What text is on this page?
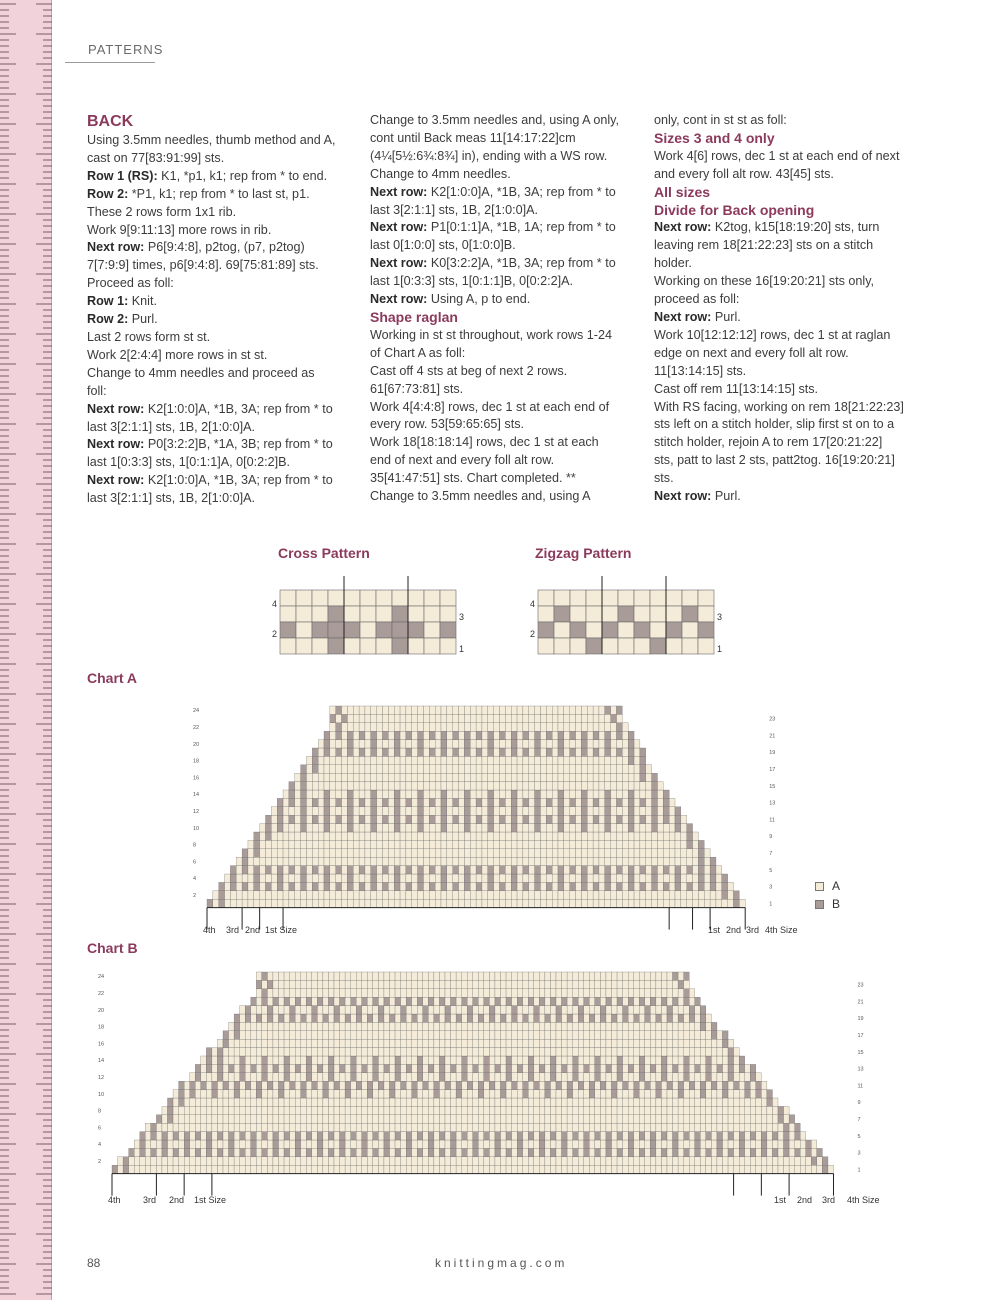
PATTERNS

BACK

Using 3.5mm needles, thumb method and A, cast on 77[83:91:99] sts.

Row 1 (RS): K1, *p1, k1; rep from * to end.

Row 2: *P1, k1; rep from * to last st, p1.

These 2 rows form 1x1 rib.

Work 9[9:11:13] more rows in rib.

Next row: P6[9:4:8], p2tog, (p7, p2tog) 7[7:9:9] times, p6[9:4:8]. 69[75:81:89] sts.

Proceed as foll:

Row 1: Knit.

Row 2: Purl.

Last 2 rows form st st.

Work 2[2:4:4] more rows in st st.

Change to 4mm needles and proceed as foll:

Next row: K2[1:0:0]A, *1B, 3A; rep from * to last 3[2:1:1] sts, 1B, 2[1:0:0]A.

Next row: P0[3:2:2]B, *1A, 3B; rep from * to last 1[0:3:3] sts, 1[0:1:1]A, 0[0:2:2]B.

Next row: K2[1:0:0]A, *1B, 3A; rep from * to last 3[2:1:1] sts, 1B, 2[1:0:0]A.

Change to 3.5mm needles and, using A only, cont until Back meas 11[14:17:22]cm (4¼[5½:6¾:8¾] in), ending with a WS row.

Change to 4mm needles.

Next row: K2[1:0:0]A, *1B, 3A; rep from * to last 3[2:1:1] sts, 1B, 2[1:0:0]A.

Next row: P1[0:1:1]A, *1B, 1A; rep from * to last 0[1:0:0] sts, 0[1:0:0]B.

Next row: K0[3:2:2]A, *1B, 3A; rep from * to last 1[0:3:3] sts, 1[0:1:1]B, 0[0:2:2]A.

Next row: Using A, p to end.

Shape raglan

Working in st st throughout, work rows 1-24 of Chart A as foll:

Cast off 4 sts at beg of next 2 rows. 61[67:73:81] sts.

Work 4[4:4:8] rows, dec 1 st at each end of every row. 53[59:65:65] sts.

Work 18[18:18:14] rows, dec 1 st at each end of next and every foll alt row. 35[41:47:51] sts. Chart completed. **

Change to 3.5mm needles and, using A

only, cont in st st as foll:

Sizes 3 and 4 only

Work 4[6] rows, dec 1 st at each end of next and every foll alt row. 43[45] sts.

All sizes

Divide for Back opening

Next row: K2tog, k15[18:19:20] sts, turn leaving rem 18[21:22:23] sts on a stitch holder.

Working on these 16[19:20:21] sts only, proceed as foll:

Next row: Purl.

Work 10[12:12:12] rows, dec 1 st at raglan edge on next and every foll alt row. 11[13:14:15] sts.

Cast off rem 11[13:14:15] sts.

With RS facing, working on rem 18[21:22:23] sts left on a stitch holder, slip first st on to a stitch holder, rejoin A to rem 17[20:21:22] sts, patt to last 2 sts, patt2tog. 16[19:20:21] sts.

Next row: Purl.

Cross Pattern	Zigzag Pattern
4
2
3
1
4
2
3
1
Chart A
4th 3rd 2nd 1st Size	1st 2nd 3rd 4th Size
1
2
3
4
5
6
7
8
9
10
11
12
13
14
15
16
17
18
19
20
21
22
23
24
A
B
Chart B
4th 3rd 2nd 1st Size	1st 2nd 3rd 4th Size
1
2
3
4
5
6
7
8
9
10
11
12
13
14
15
16
17
18
19
20
21
22
23
24
88	knittingmag.com
